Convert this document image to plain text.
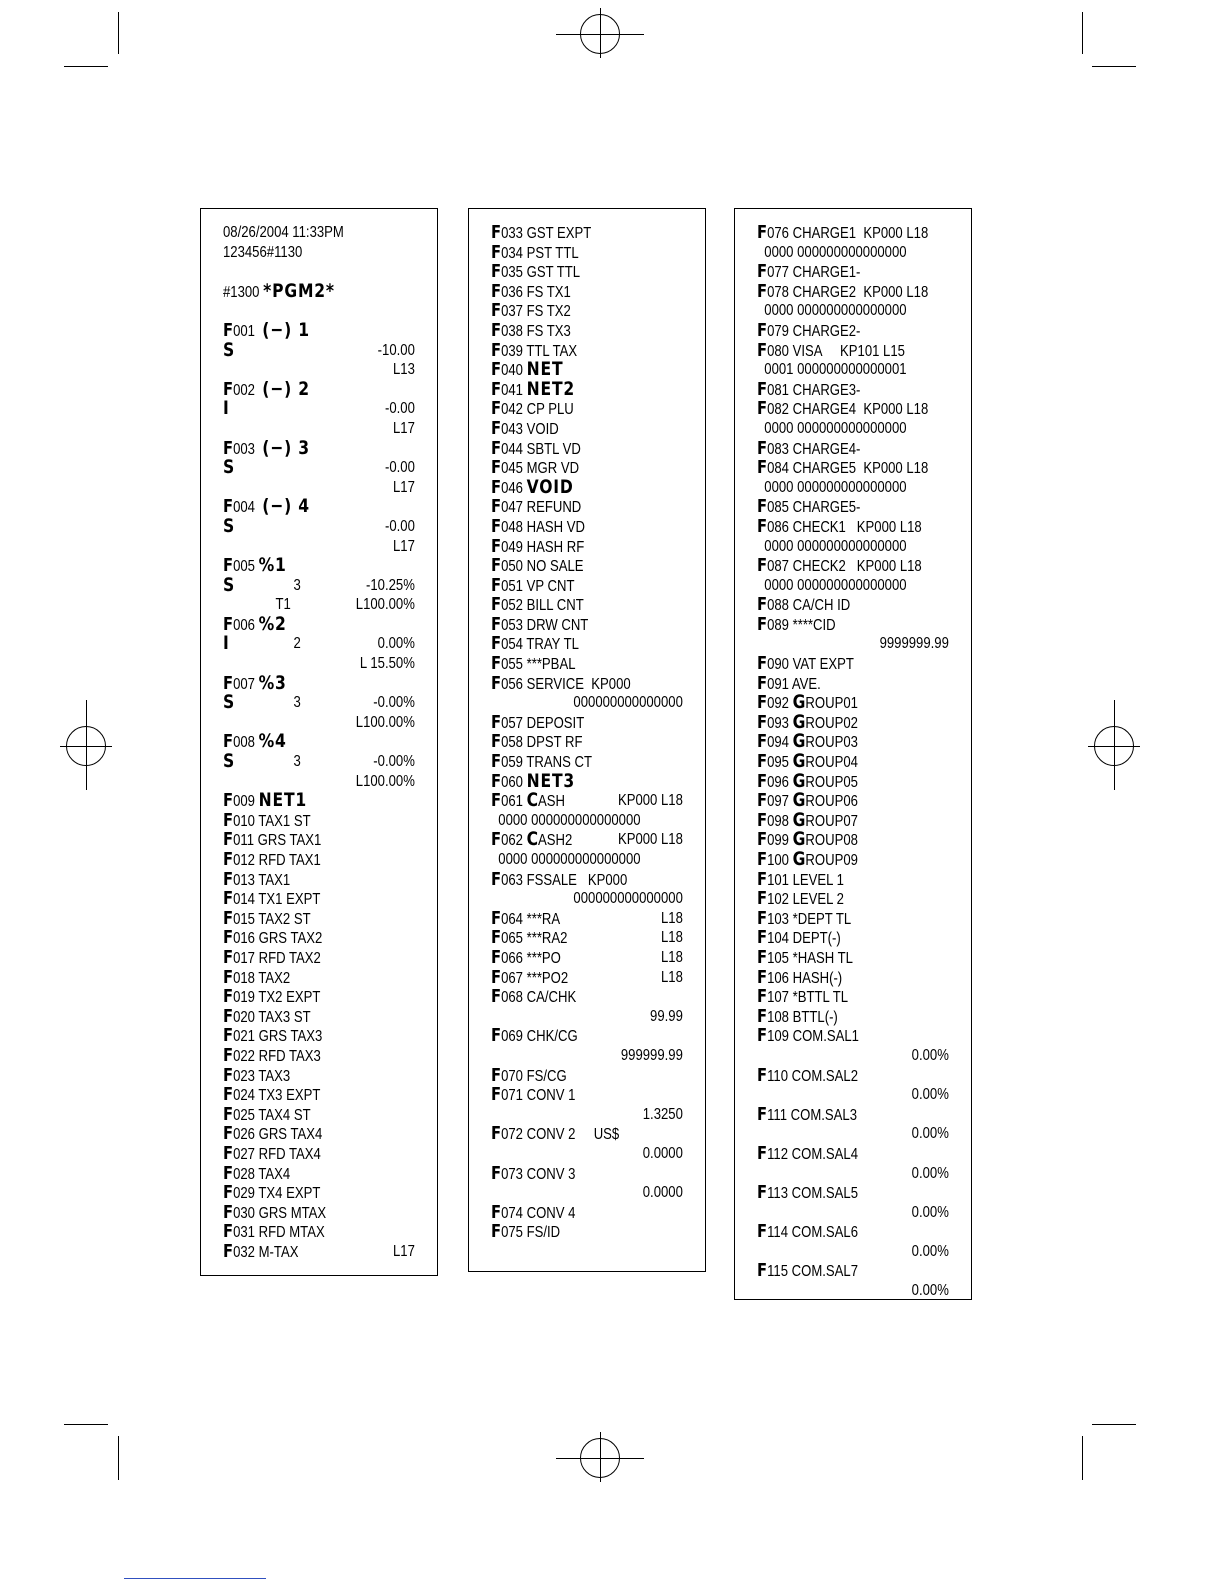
08/26/2004 11:33PM
123456#1130
#1300 *PGM2*
F001  (−) 1
S	-10.00
L13
F002  (−) 2
I	-0.00
L17
F003  (−) 3
S	-0.00
L17
F004  (−) 4
S	-0.00
L17
F005 %1
S	3	-10.25%
T1	L100.00%
F006 %2
I	2	0.00%
L 15.50%
F007 %3
S	3	-0.00%
L100.00%
F008 %4
S	3	-0.00%
L100.00%
F009 NET1
F010 TAX1 ST
F011 GRS TAX1
F012 RFD TAX1
F013 TAX1
F014 TX1 EXPT
F015 TAX2 ST
F016 GRS TAX2
F017 RFD TAX2
F018 TAX2
F019 TX2 EXPT
F020 TAX3 ST
F021 GRS TAX3
F022 RFD TAX3
F023 TAX3
F024 TX3 EXPT
F025 TAX4 ST
F026 GRS TAX4
F027 RFD TAX4
F028 TAX4
F029 TX4 EXPT
F030 GRS MTAX
F031 RFD MTAX
F032 M-TAX	L17
F033 GST EXPT
F034 PST TTL
F035 GST TTL
F036 FS TX1
F037 FS TX2
F038 FS TX3
F039 TTL TAX
F040 NET
F041 NET2
F042 CP PLU
F043 VOID
F044 SBTL VD
F045 MGR VD
F046 VOID
F047 REFUND
F048 HASH VD
F049 HASH RF
F050 NO SALE
F051 VP CNT
F052 BILL CNT
F053 DRW CNT
F054 TRAY TL
F055 ***PBAL
F056 SERVICE  KP000
000000000000000
F057 DEPOSIT
F058 DPST RF
F059 TRANS CT
F060 NET3
F061 CASH	KP000 L18
0000 000000000000000
F062 CASH2	KP000 L18
0000 000000000000000
F063 FSSALE   KP000
000000000000000
F064 ***RA	L18
F065 ***RA2	L18
F066 ***PO	L18
F067 ***PO2	L18
F068 CA/CHK
99.99
F069 CHK/CG
999999.99
F070 FS/CG
F071 CONV 1
1.3250
F072 CONV 2     US$
0.0000
F073 CONV 3
0.0000
F074 CONV 4
F075 FS/ID
F076 CHARGE1  KP000 L18
0000 000000000000000
F077 CHARGE1-
F078 CHARGE2  KP000 L18
0000 000000000000000
F079 CHARGE2-
F080 VISA     KP101 L15
0001 000000000000001
F081 CHARGE3-
F082 CHARGE4  KP000 L18
0000 000000000000000
F083 CHARGE4-
F084 CHARGE5  KP000 L18
0000 000000000000000
F085 CHARGE5-
F086 CHECK1   KP000 L18
0000 000000000000000
F087 CHECK2   KP000 L18
0000 000000000000000
F088 CA/CH ID
F089 ****CID
9999999.99
F090 VAT EXPT
F091 AVE.
F092 GROUP01
F093 GROUP02
F094 GROUP03
F095 GROUP04
F096 GROUP05
F097 GROUP06
F098 GROUP07
F099 GROUP08
F100 GROUP09
F101 LEVEL 1
F102 LEVEL 2
F103 *DEPT TL
F104 DEPT(-)
F105 *HASH TL
F106 HASH(-)
F107 *BTTL TL
F108 BTTL(-)
F109 COM.SAL1
0.00%
F110 COM.SAL2
0.00%
F111 COM.SAL3
0.00%
F112 COM.SAL4
0.00%
F113 COM.SAL5
0.00%
F114 COM.SAL6
0.00%
F115 COM.SAL7
0.00%
